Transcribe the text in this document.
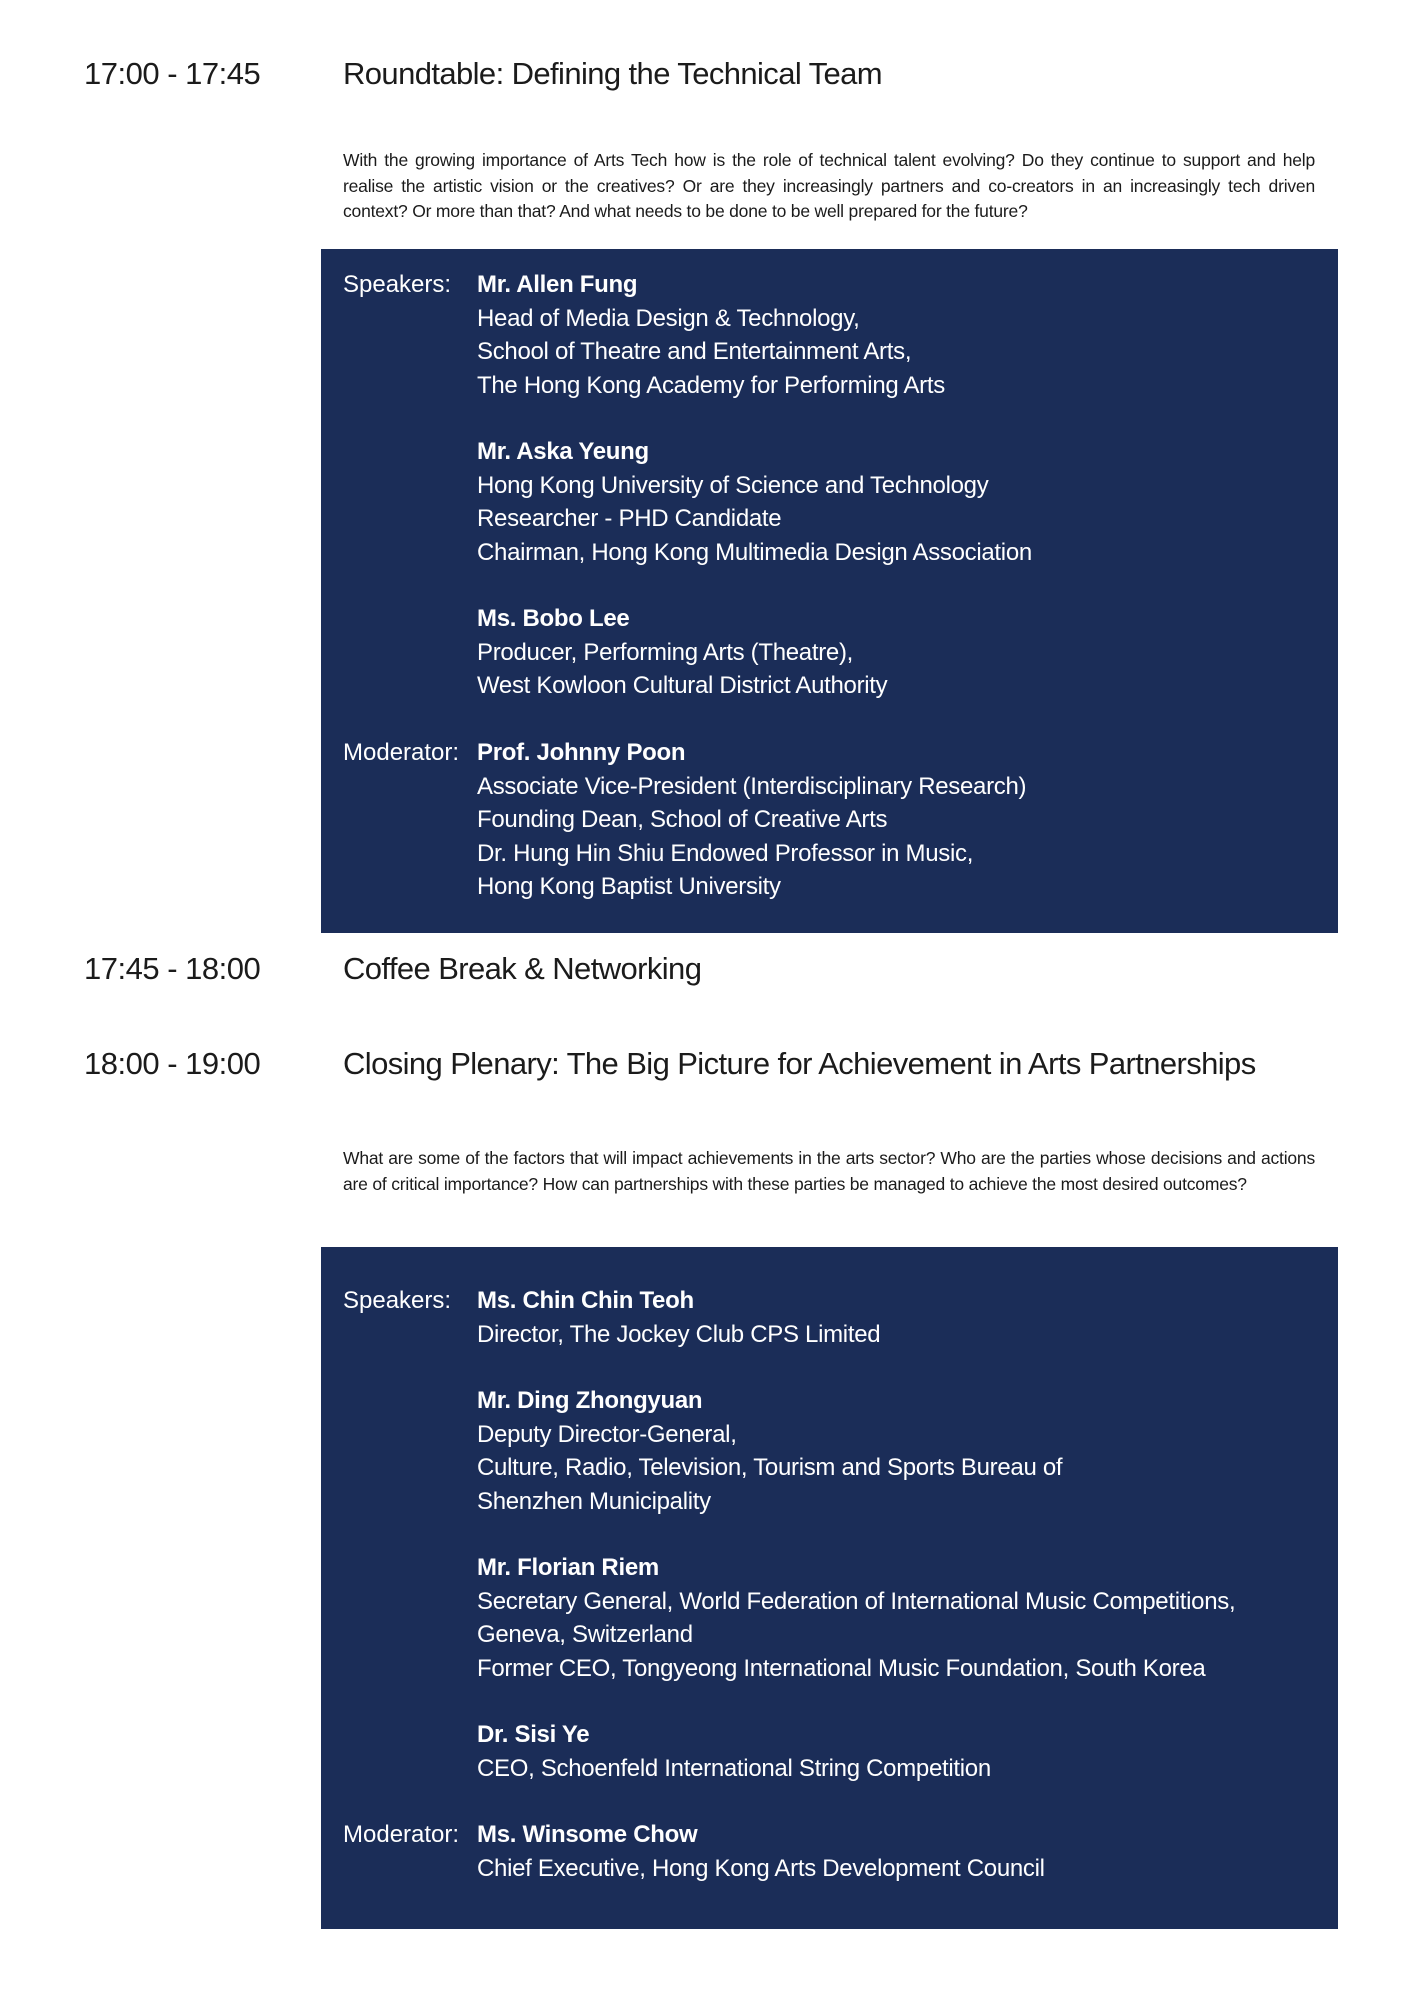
17:00 - 17:45	Roundtable: Defining the Technical Team
With the growing importance of Arts Tech how is the role of technical talent evolving? Do they continue to support and help realise the artistic vision or the creatives? Or are they increasingly partners and co-creators in an increasingly tech driven context? Or more than that? And what needs to be done to be well prepared for the future?
Speakers: Mr. Allen Fung
Head of Media Design & Technology,
School of Theatre and Entertainment Arts,
The Hong Kong Academy for Performing Arts
Mr. Aska Yeung
Hong Kong University of Science and Technology
Researcher - PHD Candidate
Chairman, Hong Kong Multimedia Design Association
Ms. Bobo Lee
Producer, Performing Arts (Theatre),
West Kowloon Cultural District Authority
Moderator: Prof. Johnny Poon
Associate Vice-President (Interdisciplinary Research)
Founding Dean, School of Creative Arts
Dr. Hung Hin Shiu Endowed Professor in Music,
Hong Kong Baptist University
17:45 - 18:00	Coffee Break & Networking
18:00 - 19:00	Closing Plenary: The Big Picture for Achievement in Arts Partnerships
What are some of the factors that will impact achievements in the arts sector? Who are the parties whose decisions and actions are of critical importance? How can partnerships with these parties be managed to achieve the most desired outcomes?
Speakers: Ms. Chin Chin Teoh
Director, The Jockey Club CPS Limited
Mr. Ding Zhongyuan
Deputy Director-General,
Culture, Radio, Television, Tourism and Sports Bureau of
Shenzhen Municipality
Mr. Florian Riem
Secretary General, World Federation of International Music Competitions,
Geneva, Switzerland
Former CEO, Tongyeong International Music Foundation, South Korea
Dr. Sisi Ye
CEO, Schoenfeld International String Competition
Moderator: Ms. Winsome Chow
Chief Executive, Hong Kong Arts Development Council
